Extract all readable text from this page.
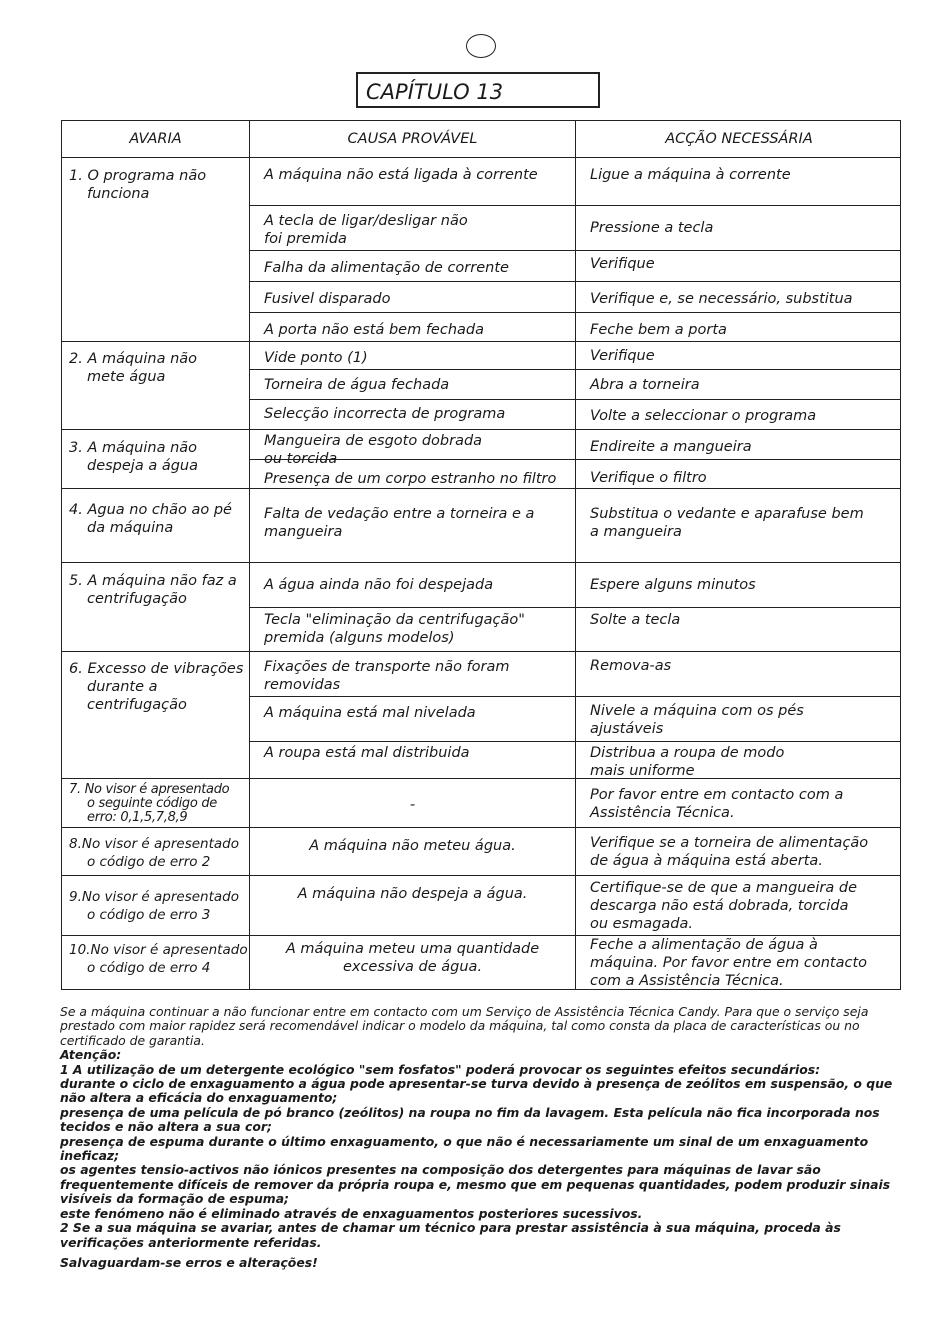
CAPÍTULO 13
AVARIA	CAUSA PROVÁVEL	ACÇÃO NECESSÁRIA
1. O programa não
funciona
2. A máquina não
mete água
3. A máquina não
despeja a água
4. Agua no chão ao pé
da máquina
5. A máquina não faz a
centrifugação
6. Excesso de vibrações
durante a
centrifugação
7. No visor é apresentado
o seguinte código de
erro: 0,1,5,7,8,9
8.No visor é apresentado
o código de erro 2
9.No visor é apresentado
o código de erro 3
10.No visor é apresentado
o código de erro 4
A máquina não está ligada à corrente
A tecla de ligar/desligar não
foi premida
Falha da alimentação de corrente
Fusivel disparado
A porta não está bem fechada
Vide ponto (1)
Torneira de água fechada
Selecção incorrecta de programa
Mangueira de esgoto dobrada
ou torcida
Presença de um corpo estranho no filtro
Falta de vedação entre a torneira e a
mangueira
A água ainda não foi despejada
Tecla "eliminação da centrifugação"
premida (alguns modelos)
Fixações de transporte não foram
removidas
A máquina está mal nivelada
A roupa está mal distribuida
-
A máquina não meteu água.
A máquina não despeja a água.
A máquina meteu uma quantidade
excessiva de água.
Ligue a máquina à corrente
Pressione a tecla
Verifique
Verifique e, se necessário, substitua
Feche bem a porta
Verifique
Abra a torneira
Volte a seleccionar o programa
Endireite a mangueira
Verifique o filtro
Substitua o vedante e aparafuse bem
a mangueira
Espere alguns minutos
Solte a tecla
Remova-as
Nivele a máquina com os pés
ajustáveis
Distribua a roupa de modo
mais uniforme
Por favor entre em contacto com a
Assistência Técnica.
Verifique se a torneira de alimentação
de água à máquina está aberta.
Certifique-se de que a mangueira de
descarga não está dobrada, torcida
ou esmagada.
Feche a alimentação de água à
máquina. Por favor entre em contacto
com a Assistência Técnica.

Se a máquina continuar a não funcionar entre em contacto com um Serviço de Assistência Técnica Candy. Para que o serviço seja prestado com maior rapidez será recomendável indicar o modelo da máquina, tal como consta da placa de características ou no certificado de garantia.

Atenção:

1 A utilização de um detergente ecológico "sem fosfatos" poderá provocar os seguintes efeitos secundários:

durante o ciclo de enxaguamento a água pode apresentar-se turva devido à presença de zeólitos em suspensão, o que não altera a eficácia do enxaguamento;

presença de uma película de pó branco (zeólitos) na roupa no fim da lavagem. Esta película não fica incorporada nos tecidos e não altera a sua cor;

presença de espuma durante o último enxaguamento, o que não é necessariamente um sinal de um enxaguamento ineficaz;

os agentes tensio-activos não iónicos presentes na composição dos detergentes para máquinas de lavar são frequentemente difíceis de remover da própria roupa e, mesmo que em pequenas quantidades, podem produzir sinais visíveis da formação de espuma;

este fenómeno não é eliminado através de enxaguamentos posteriores sucessivos.

2 Se a sua máquina se avariar, antes de chamar um técnico para prestar assistência à sua máquina, proceda às verificações anteriormente referidas.

Salvaguardam-se erros e alterações!
